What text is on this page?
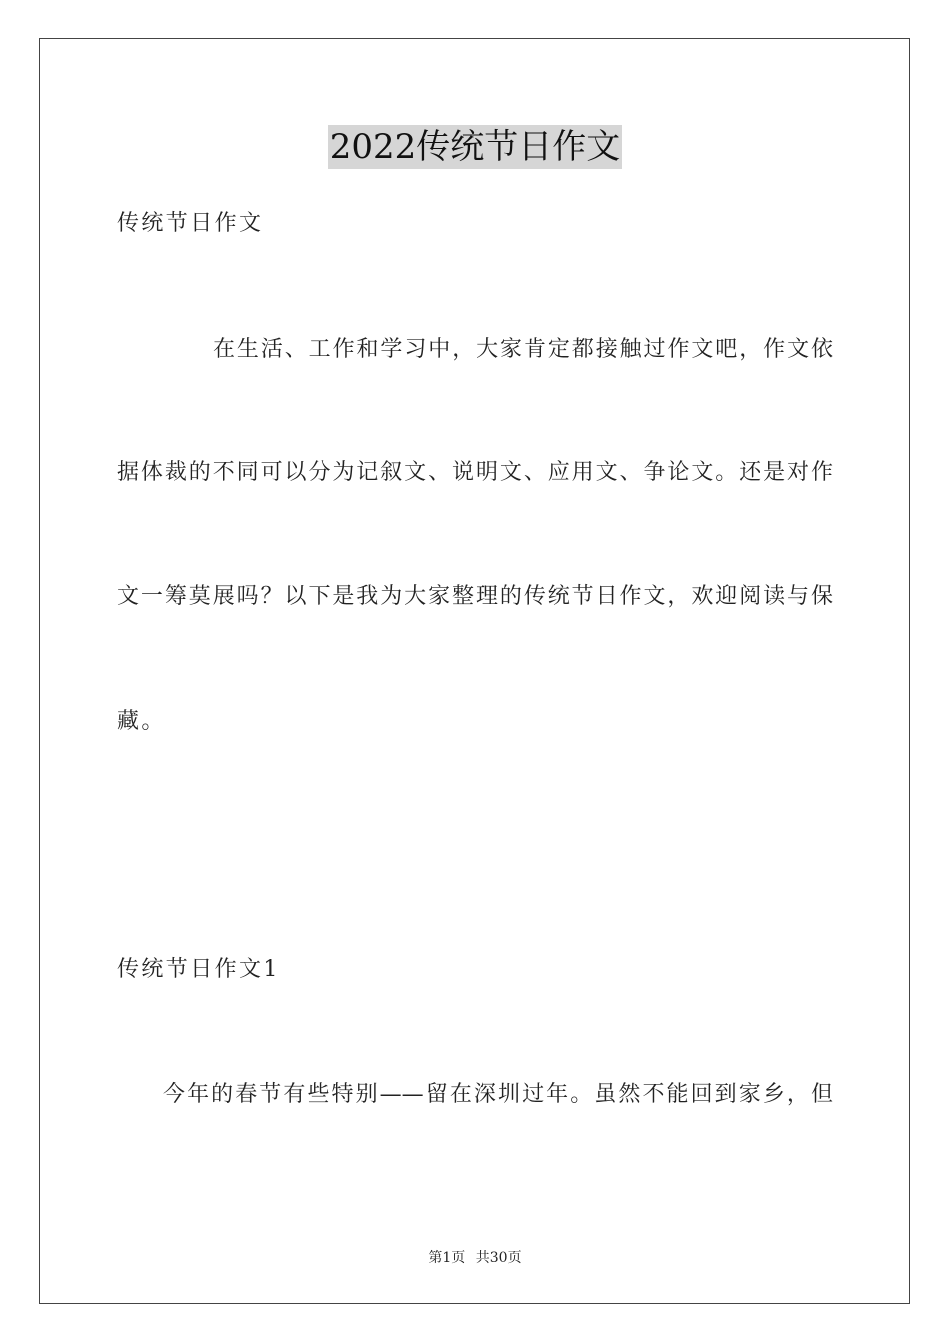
2022传统节日作文
传统节日作文
在生活、工作和学习中，大家肯定都接触过作文吧，作文依
据体裁的不同可以分为记叙文、说明文、应用文、争论文。还是对作
文一筹莫展吗？以下是我为大家整理的传统节日作文，欢迎阅读与保
藏。
传统节日作文1
今年的春节有些特别——留在深圳过年。虽然不能回到家乡，但
第1页 共30页
